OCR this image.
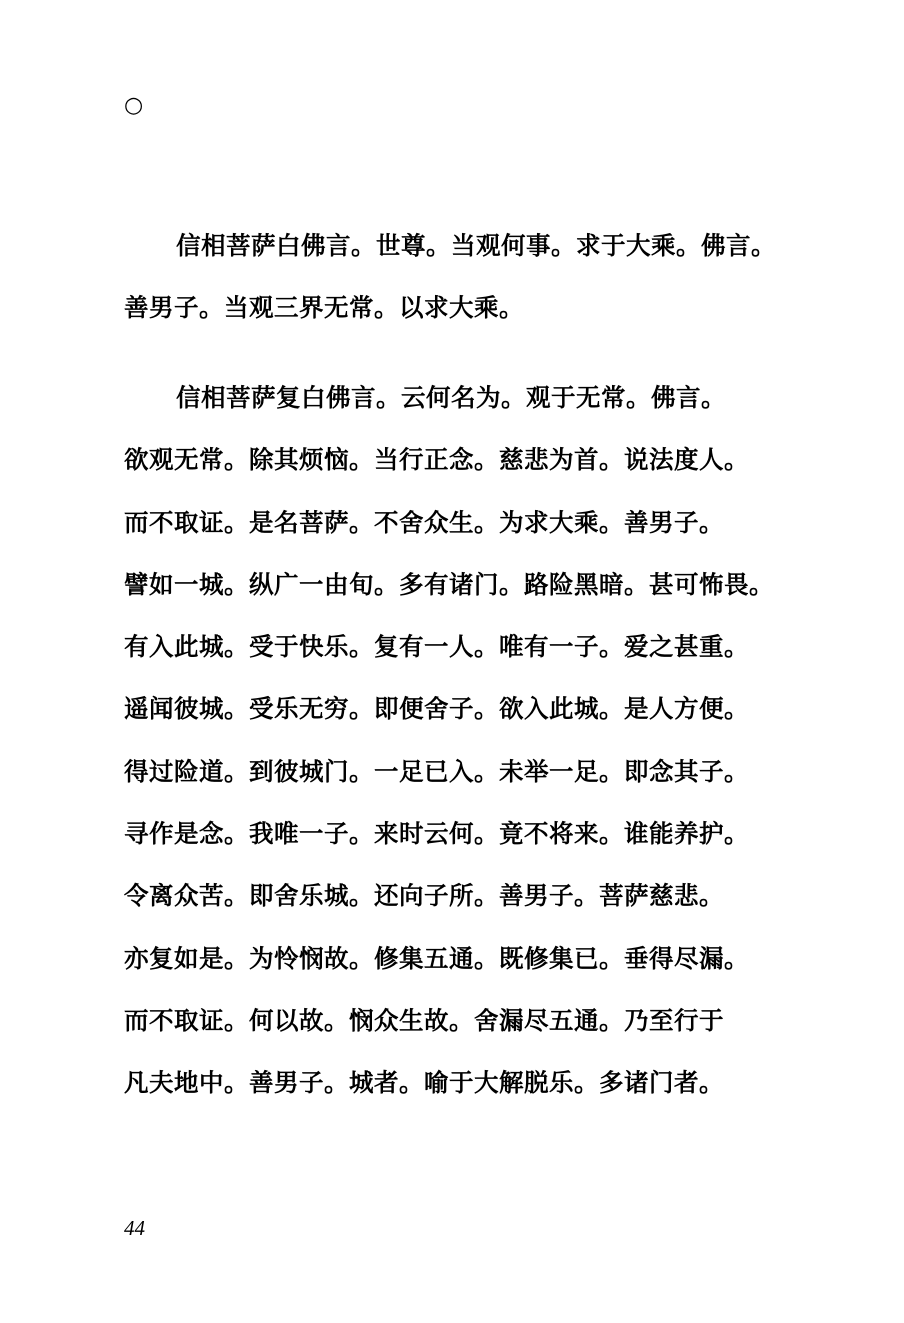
○
信相菩萨白佛言。世尊。当观何事。求于大乘。佛言。
善男子。当观三界无常。以求大乘。
信相菩萨复白佛言。云何名为。观于无常。佛言。
欲观无常。除其烦恼。当行正念。慈悲为首。说法度人。
而不取证。是名菩萨。不舍众生。为求大乘。善男子。
譬如一城。纵广一由旬。多有诸门。路险黑暗。甚可怖畏。
有入此城。受于快乐。复有一人。唯有一子。爱之甚重。
遥闻彼城。受乐无穷。即便舍子。欲入此城。是人方便。
得过险道。到彼城门。一足已入。未举一足。即念其子。
寻作是念。我唯一子。来时云何。竟不将来。谁能养护。
令离众苦。即舍乐城。还向子所。善男子。菩萨慈悲。
亦复如是。为怜悯故。修集五通。既修集已。垂得尽漏。
而不取证。何以故。悯众生故。舍漏尽五通。乃至行于
凡夫地中。善男子。城者。喻于大解脱乐。多诸门者。
44
